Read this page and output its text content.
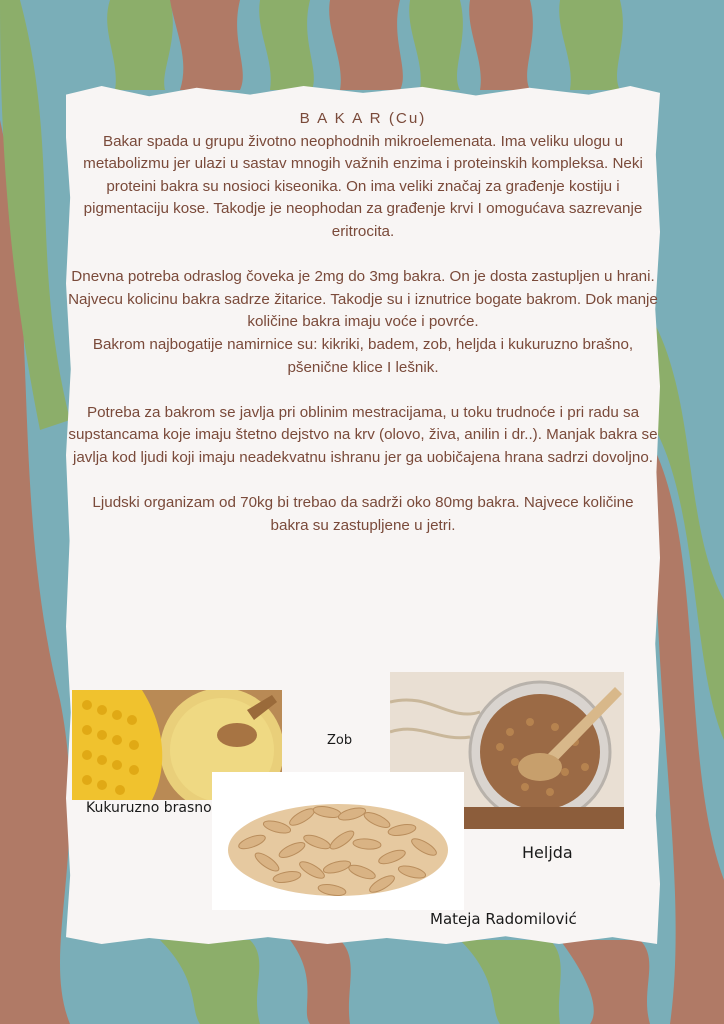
B A K A R (Cu)

Bakar spada u grupu životno neophodnih mikroelemenata. Ima veliku ulogu u metabolizmu jer ulazi u sastav mnogih važnih enzima i proteinskih kompleksa. Neki proteini bakra su nosioci kiseonika. On ima veliki značaj za građenje kostiju i pigmentaciju kose. Takodje je neophodan za građenje krvi I omogućava sazrevanje eritrocita.

Dnevna potreba odraslog čoveka je 2mg do 3mg bakra. On je dosta zastupljen u hrani. Najvecu kolicinu bakra sadrze žitarice. Takodje su i iznutrice bogate bakrom. Dok manje količine bakra imaju voće i povrće.

Bakrom najbogatije namirnice su: kikriki, badem, zob, heljda i kukuruzno brašno, pšenične klice I lešnik.

Potreba za bakrom se javlja pri oblinim mestracijama, u toku trudnoće i pri radu sa supstancama koje imaju štetno dejstvo na krv (olovo, živa, anilin i dr..). Manjak bakra se javlja kod ljudi koji imaju neadekvatnu ishranu jer ga uobičajena hrana sadrzi dovoljno.

Ljudski organizam od 70kg bi trebao da sadrži oko 80mg bakra. Najvece količine bakra su zastupljene u jetri.

Kukuruzno brasno
Zob
Heljda
Mateja Radomilović
